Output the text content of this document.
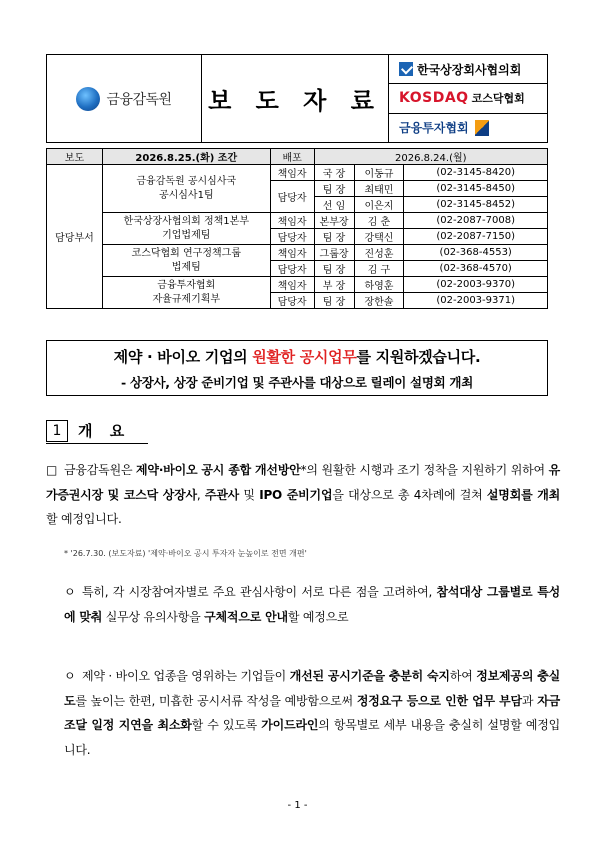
금융감독원 보 도 자 료
한국상장회사협의회
KOSDAQ 코스닥협회
금융투자협회
보도	2026.8.25.(화) 조간	배포	2026.8.24.(월)		
담당부서	금융감독원 공시심사국
공시심사1팀	책임자	국 장	이동규	(02-3145-8420)
		담당자	팀 장	최태민	(02-3145-8450)
			선 임	이은지	(02-3145-8452)

	한국상장사협의회 정책1본부
기업법제팀	책임자	본부장	김 춘	(02-2087-7008)
		담당자	팀 장	강택신	(02-2087-7150)

	코스닥협회 연구정책그룹
법제팀	책임자	그룹장	진성훈	(02-368-4553)
		담당자	팀 장	김 구	(02-368-4570)

	금융투자협회
자율규제기획부	책임자	부 장	하영훈	(02-2003-9370)
		담당자	팀 장	장한솔	(02-2003-9371)
제약 · 바이오 기업의 원활한 공시업무를 지원하겠습니다.
- 상장사, 상장 준비기업 및 주관사를 대상으로 릴레이 설명회 개최
1	개 요
□ 금융감독원은 제약·바이오 공시 종합 개선방안*의 원활한 시행과 조기 정착을 지원하기 위하여 유가증권시장 및 코스닥 상장사, 주관사 및 IPO 준비기업을 대상으로 총 4차례에 걸쳐 설명회를 개최할 예정입니다.
* '26.7.30. (보도자료) '제약·바이오 공시 투자자 눈높이로 전면 개편'
ㅇ 특히, 각 시장참여자별로 주요 관심사항이 서로 다른 점을 고려하여, 참석대상 그룹별로 특성에 맞춰 실무상 유의사항을 구체적으로 안내할 예정으로
ㅇ 제약 · 바이오 업종을 영위하는 기업들이 개선된 공시기준을 충분히 숙지하여 정보제공의 충실도를 높이는 한편, 미흡한 공시서류 작성을 예방함으로써 정정요구 등으로 인한 업무 부담과 자금조달 일정 지연을 최소화할 수 있도록 가이드라인의 항목별로 세부 내용을 충실히 설명할 예정입니다.
- 1 -
